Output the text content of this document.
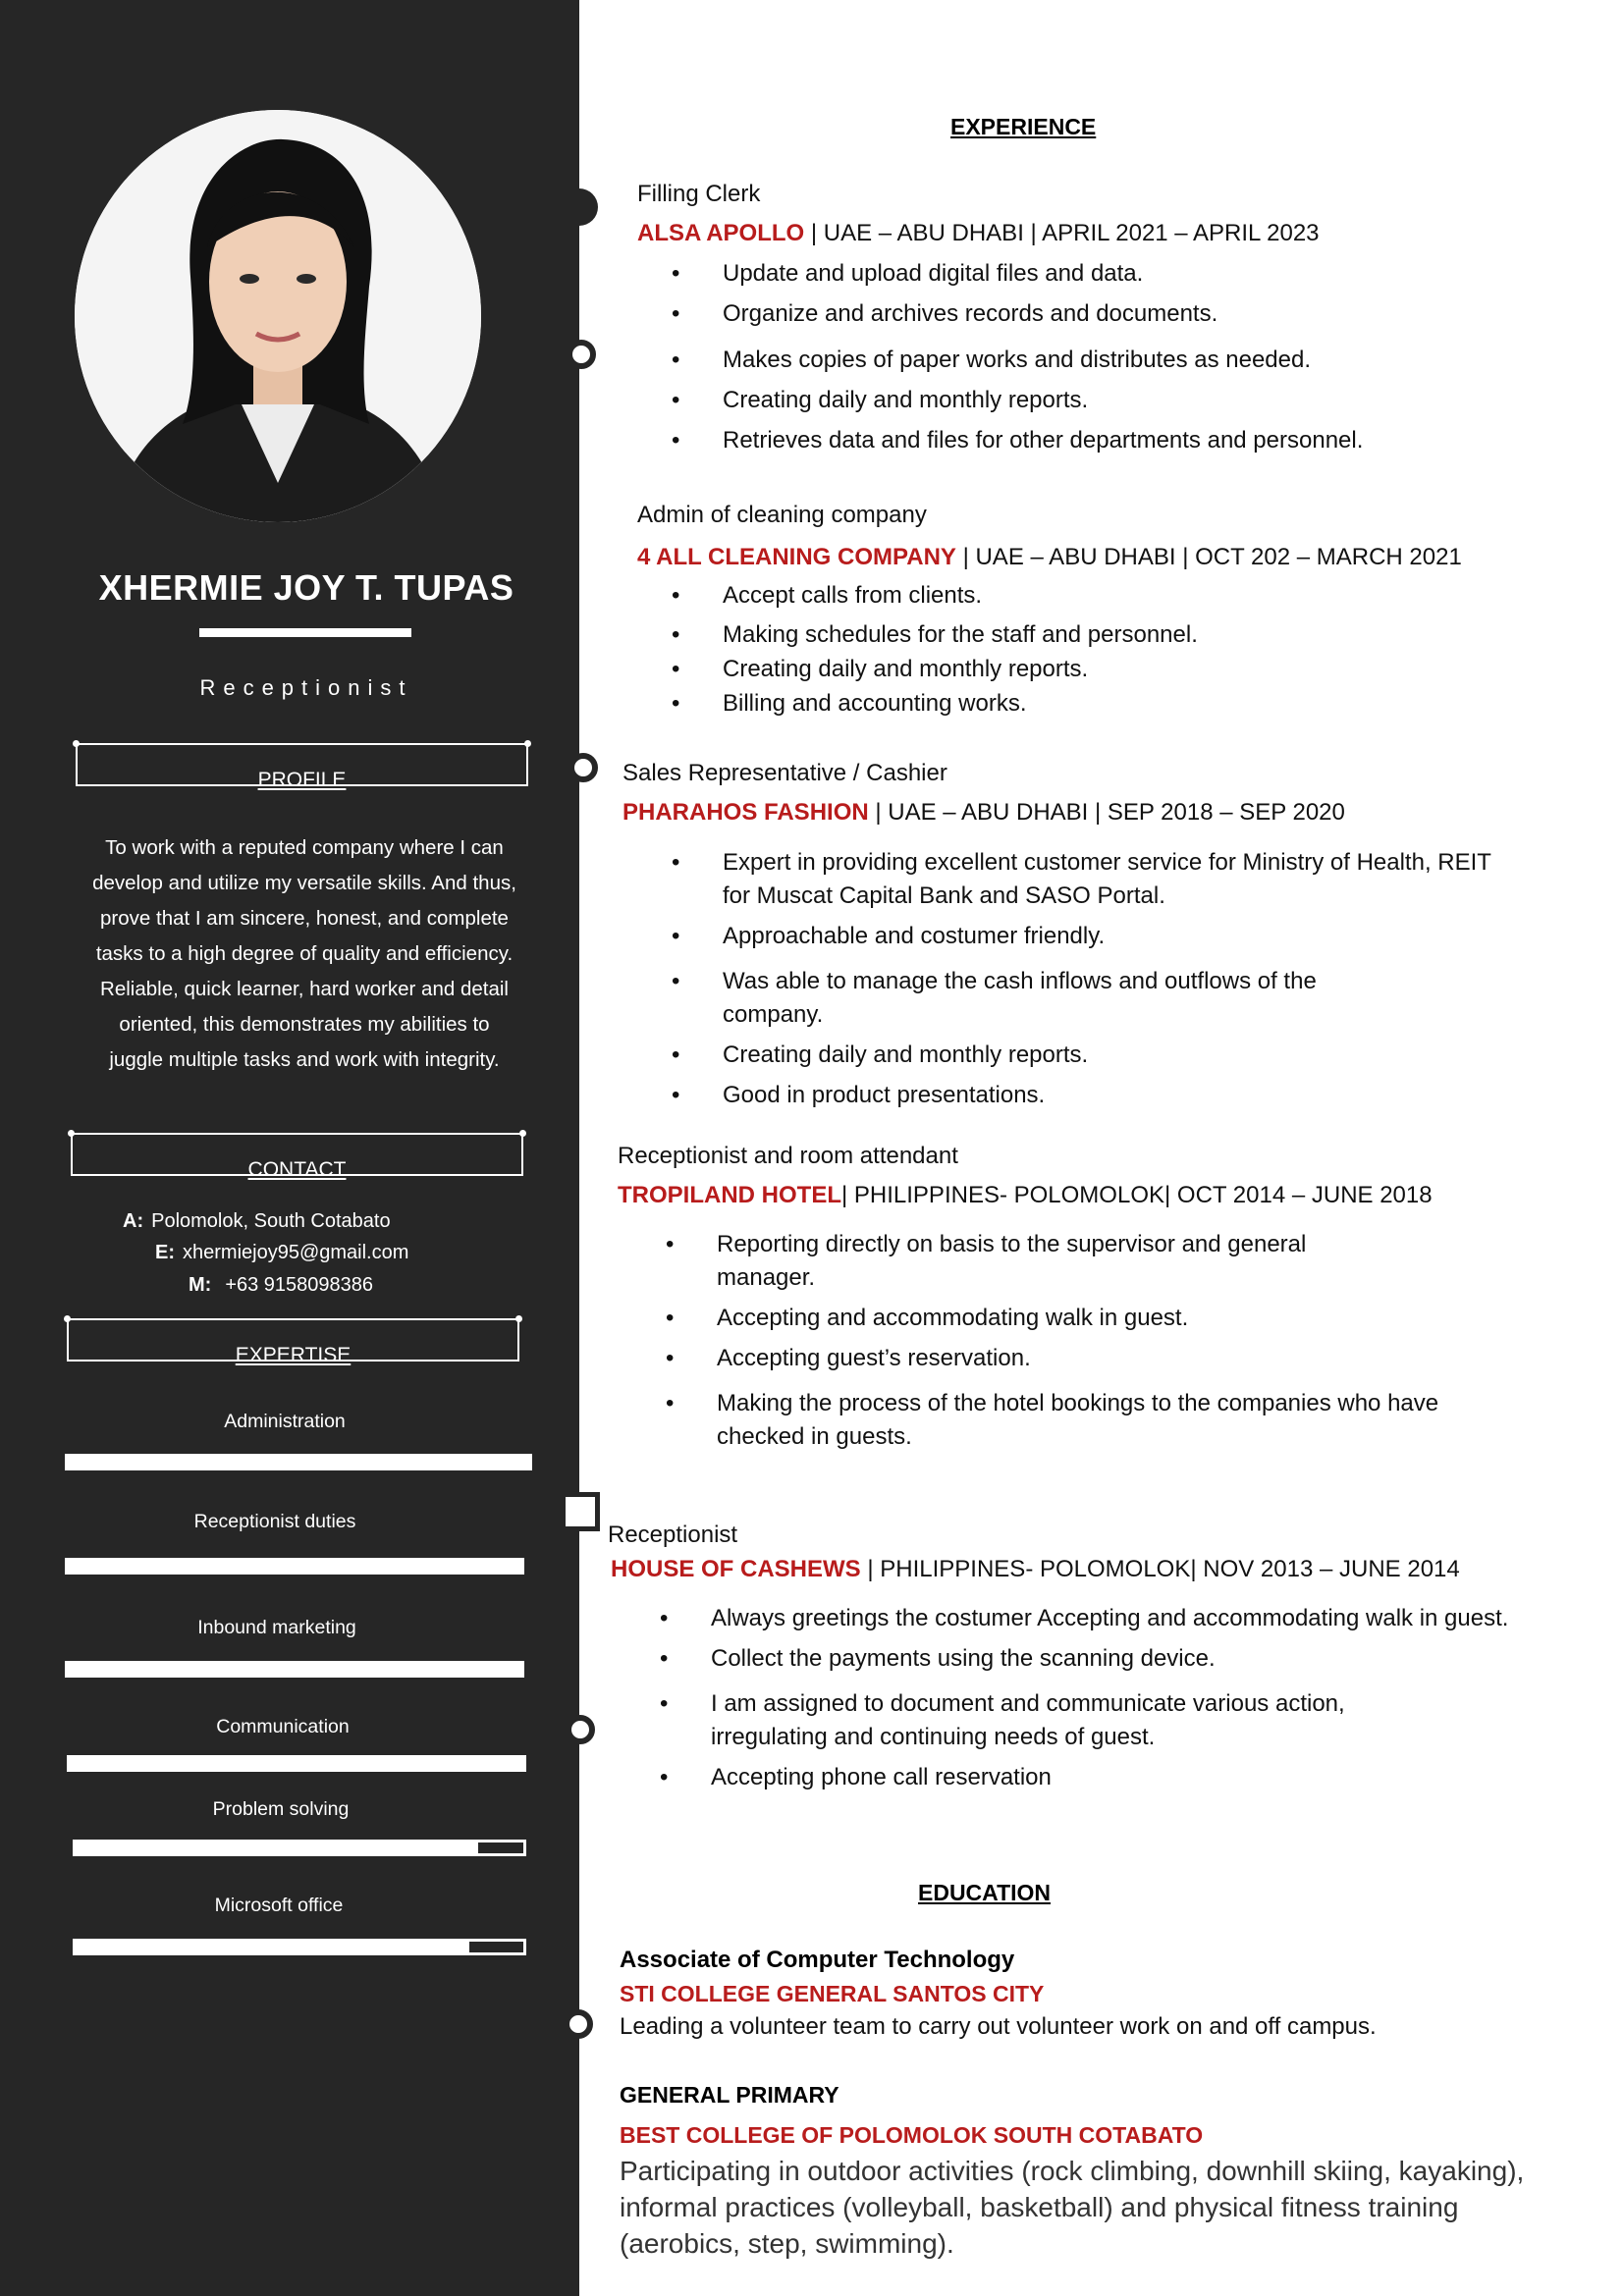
XHERMIE JOY T. TUPAS
Receptionist
PROFILE
To work with a reputed company where I can develop and utilize my versatile skills. And thus, prove that I am sincere, honest, and complete tasks to a high degree of quality and efficiency. Reliable, quick learner, hard worker and detail oriented, this demonstrates my abilities to juggle multiple tasks and work with integrity.
CONTACT
A: Polomolok, South Cotabato
E: xhermiejoy95@gmail.com
M: +63 9158098386
EXPERTISE
Administration
Receptionist duties
Inbound marketing
Communication
Problem solving
Microsoft office
EXPERIENCE
Filling Clerk
ALSA APOLLO | UAE – ABU DHABI | APRIL 2021 – APRIL 2023
• Update and upload digital files and data.
• Organize and archives records and documents.
• Makes copies of paper works and distributes as needed.
• Creating daily and monthly reports.
• Retrieves data and files for other departments and personnel.
Admin of cleaning company
4 ALL CLEANING COMPANY | UAE – ABU DHABI | OCT 202 – MARCH 2021
• Accept calls from clients.
• Making schedules for the staff and personnel.
• Creating daily and monthly reports.
• Billing and accounting works.
Sales Representative / Cashier
PHARAHOS FASHION | UAE – ABU DHABI | SEP 2018 – SEP 2020
• Expert in providing excellent customer service for Ministry of Health, REIT for Muscat Capital Bank and SASO Portal.
• Approachable and costumer friendly.
• Was able to manage the cash inflows and outflows of the company.
• Creating daily and monthly reports.
• Good in product presentations.
Receptionist and room attendant
TROPILAND HOTEL| PHILIPPINES- POLOMOLOK| OCT 2014 – JUNE 2018
• Reporting directly on basis to the supervisor and general manager.
• Accepting and accommodating walk in guest.
• Accepting guest’s reservation.
• Making the process of the hotel bookings to the companies who have checked in guests.
Receptionist
HOUSE OF CASHEWS | PHILIPPINES- POLOMOLOK| NOV 2013 – JUNE 2014
• Always greetings the costumer Accepting and accommodating walk in guest.
• Collect the payments using the scanning device.
• I am assigned to document and communicate various action, irregulating and continuing needs of guest.
• Accepting phone call reservation
EDUCATION
Associate of Computer Technology
STI COLLEGE GENERAL SANTOS CITY
Leading a volunteer team to carry out volunteer work on and off campus.
GENERAL PRIMARY
BEST COLLEGE OF POLOMOLOK SOUTH COTABATO
Participating in outdoor activities (rock climbing, downhill skiing, kayaking), informal practices (volleyball, basketball) and physical fitness training (aerobics, step, swimming).
